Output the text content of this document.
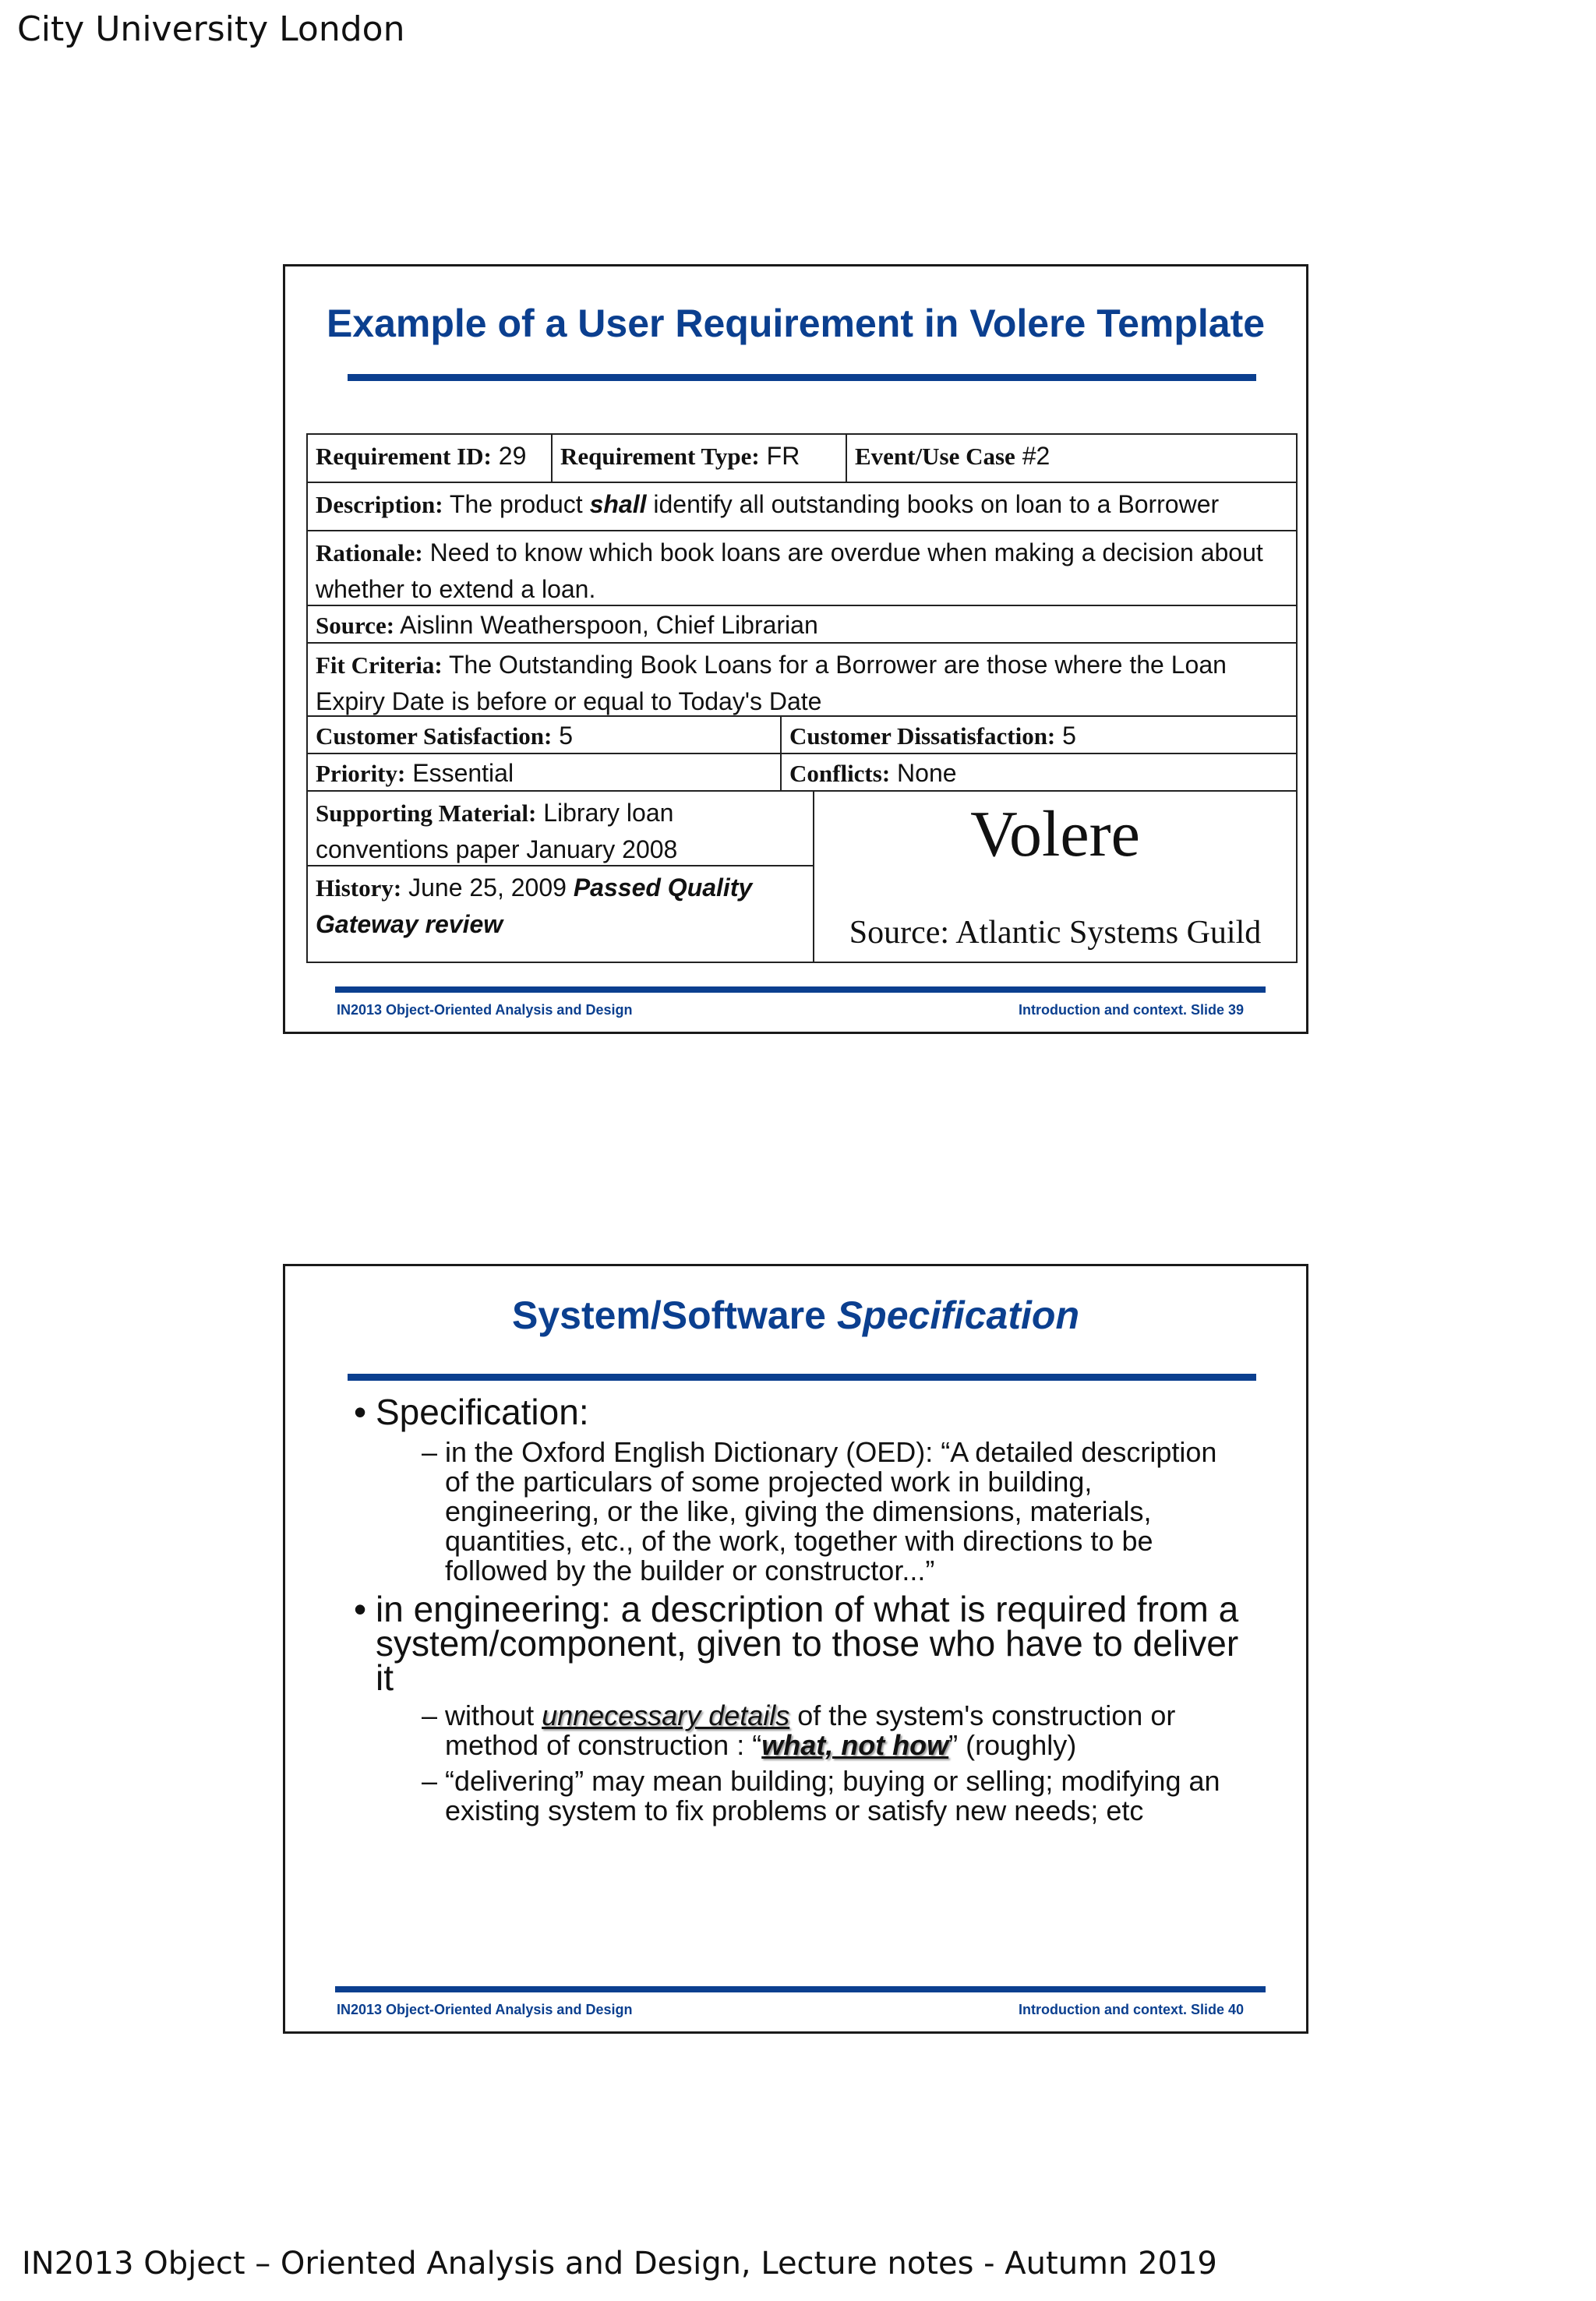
City University London
Example of a User Requirement in Volere Template
Requirement ID: 29	Requirement Type: FR	Event/Use Case #2
Description: The product shall identify all outstanding books on loan to a Borrower
Rationale: Need to know which book loans are overdue when making a decision about whether to extend a loan.
Source: Aislinn Weatherspoon, Chief Librarian
Fit Criteria: The Outstanding Book Loans for a Borrower are those where the Loan Expiry Date is before or equal to Today's Date
Customer Satisfaction: 5	Customer Dissatisfaction: 5
Priority: Essential	Conflicts: None
Supporting Material: Library loan conventions paper January 2008
History: June 25, 2009 Passed Quality Gateway review
Volere
Source: Atlantic Systems Guild
IN2013 Object-Oriented Analysis and Design	Introduction and context. Slide 39
System/Software Specification
• Specification:
– in the Oxford English Dictionary (OED): “A detailed description of the particulars of some projected work in building, engineering, or the like, giving the dimensions, materials, quantities, etc., of the work, together with directions to be followed by the builder or constructor...”
• in engineering: a description of what is required from a system/component, given to those who have to deliver it
– without unnecessary details of the system's construction or method of construction : “what, not how” (roughly)
– “delivering” may mean building; buying or selling; modifying an existing system to fix problems or satisfy new needs; etc
IN2013 Object-Oriented Analysis and Design	Introduction and context. Slide 40
IN2013 Object – Oriented Analysis and Design, Lecture notes - Autumn 2019
